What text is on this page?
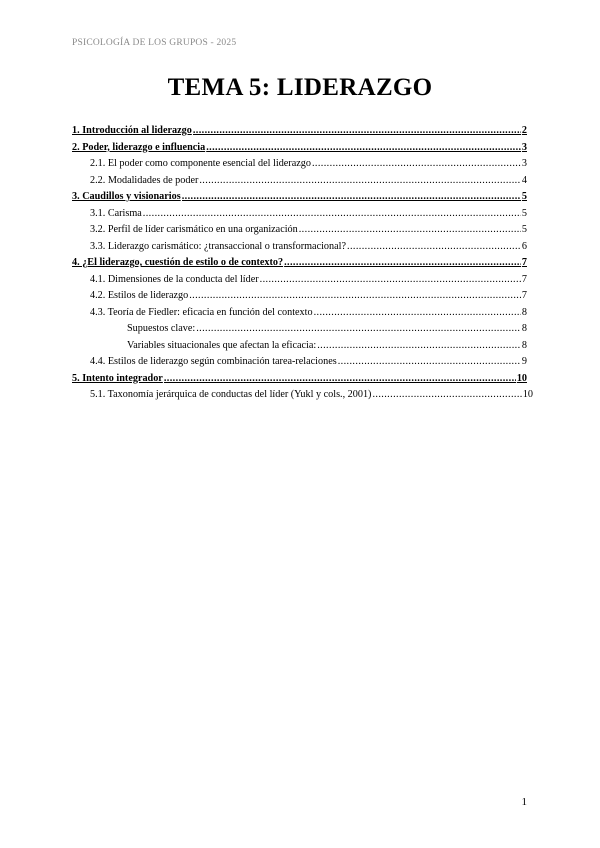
PSICOLOGÍA DE LOS GRUPOS - 2025
TEMA 5: LIDERAZGO
1. Introducción al liderazgo .....	2
2. Poder, liderazgo e influencia .....	3
2.1. El poder como componente esencial del liderazgo .....	3
2.2. Modalidades de poder .....	4
3. Caudillos y visionarios .....	5
3.1. Carisma .....	5
3.2. Perfil de líder carismático en una organización .....	5
3.3. Liderazgo carismático: ¿transaccional o transformacional? .....	6
4. ¿El liderazgo, cuestión de estilo o de contexto? .....	7
4.1. Dimensiones de la conducta del líder .....	7
4.2. Estilos de liderazgo .....	7
4.3. Teoría de Fiedler: eficacia en función del contexto .....	8
Supuestos clave: .....	8
Variables situacionales que afectan la eficacia: .....	8
4.4. Estilos de liderazgo según combinación tarea-relaciones .....	9
5. Intento integrador .....	10
5.1. Taxonomía jerárquica de conductas del líder (Yukl y cols., 2001) .....	10
1
